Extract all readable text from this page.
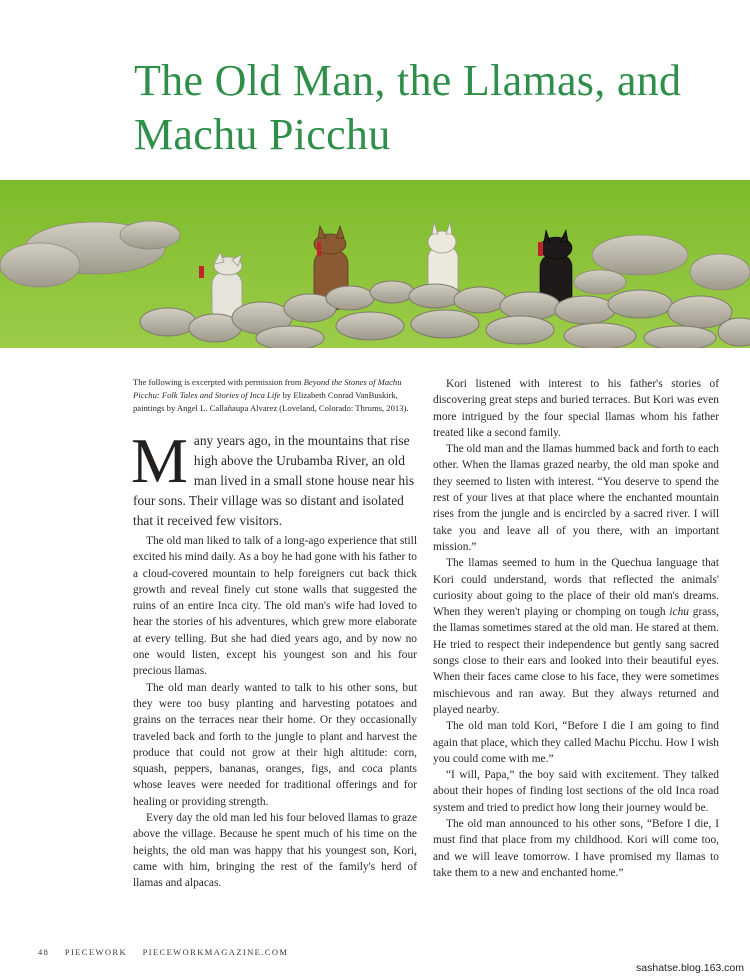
The Old Man, the Llamas, and Machu Picchu

The following is excerpted with permission from Beyond the Stones of Machu Picchu: Folk Tales and Stories of Inca Life by Elizabeth Conrad VanBuskirk, paintings by Angel L. Callañaupa Alvarez (Loveland, Colorado: Thrums, 2013).

Many years ago, in the mountains that rise high above the Urubamba River, an old man lived in a small stone house near his four sons. Their village was so distant and isolated that it received few visitors.

The old man liked to talk of a long-ago experience that still excited his mind daily. As a boy he had gone with his father to a cloud-covered mountain to help foreigners cut back thick growth and reveal finely cut stone walls that suggested the ruins of an entire Inca city. The old man's wife had loved to hear the stories of his adventures, which grew more elaborate at every telling. But she had died years ago, and by now no one would listen, except his youngest son and his four precious llamas.

The old man dearly wanted to talk to his other sons, but they were too busy planting and harvesting potatoes and grains on the terraces near their home. Or they occasionally traveled back and forth to the jungle to plant and harvest the produce that could not grow at their high altitude: corn, squash, peppers, bananas, oranges, figs, and coca plants whose leaves were needed for traditional offerings and for healing or providing strength.

Every day the old man led his four beloved llamas to graze above the village. Because he spent much of his time on the heights, the old man was happy that his youngest son, Kori, came with him, bringing the rest of the family's herd of llamas and alpacas.

Kori listened with interest to his father's stories of discovering great steps and buried terraces. But Kori was even more intrigued by the four special llamas whom his father treated like a second family.

The old man and the llamas hummed back and forth to each other. When the llamas grazed nearby, the old man spoke and they seemed to listen with interest. “You deserve to spend the rest of your lives at that place where the enchanted mountain rises from the jungle and is encircled by a sacred river. I will take you and leave all of you there, with an important mission.”

The llamas seemed to hum in the Quechua language that Kori could understand, words that reflected the animals' curiosity about going to the place of their old man's dreams. When they weren't playing or chomping on tough ichu grass, the llamas sometimes stared at the old man. He stared at them. He tried to respect their independence but gently sang sacred songs close to their ears and looked into their beautiful eyes. When their faces came close to his face, they were sometimes mischievous and ran away. But they always returned and played nearby.

The old man told Kori, “Before I die I am going to find again that place, which they called Machu Picchu. How I wish you could come with me.”

“I will, Papa,” the boy said with excitement. They talked about their hopes of finding lost sections of the old Inca road system and tried to predict how long their journey would be.

The old man announced to his other sons, “Before I die, I must find that place from my childhood. Kori will come too, and we will leave tomorrow. I have promised my llamas to take them to a new and enchanted home.”

48 PIECEWORK PIECEWORKMAGAZINE.COM
sashatse.blog.163.com
